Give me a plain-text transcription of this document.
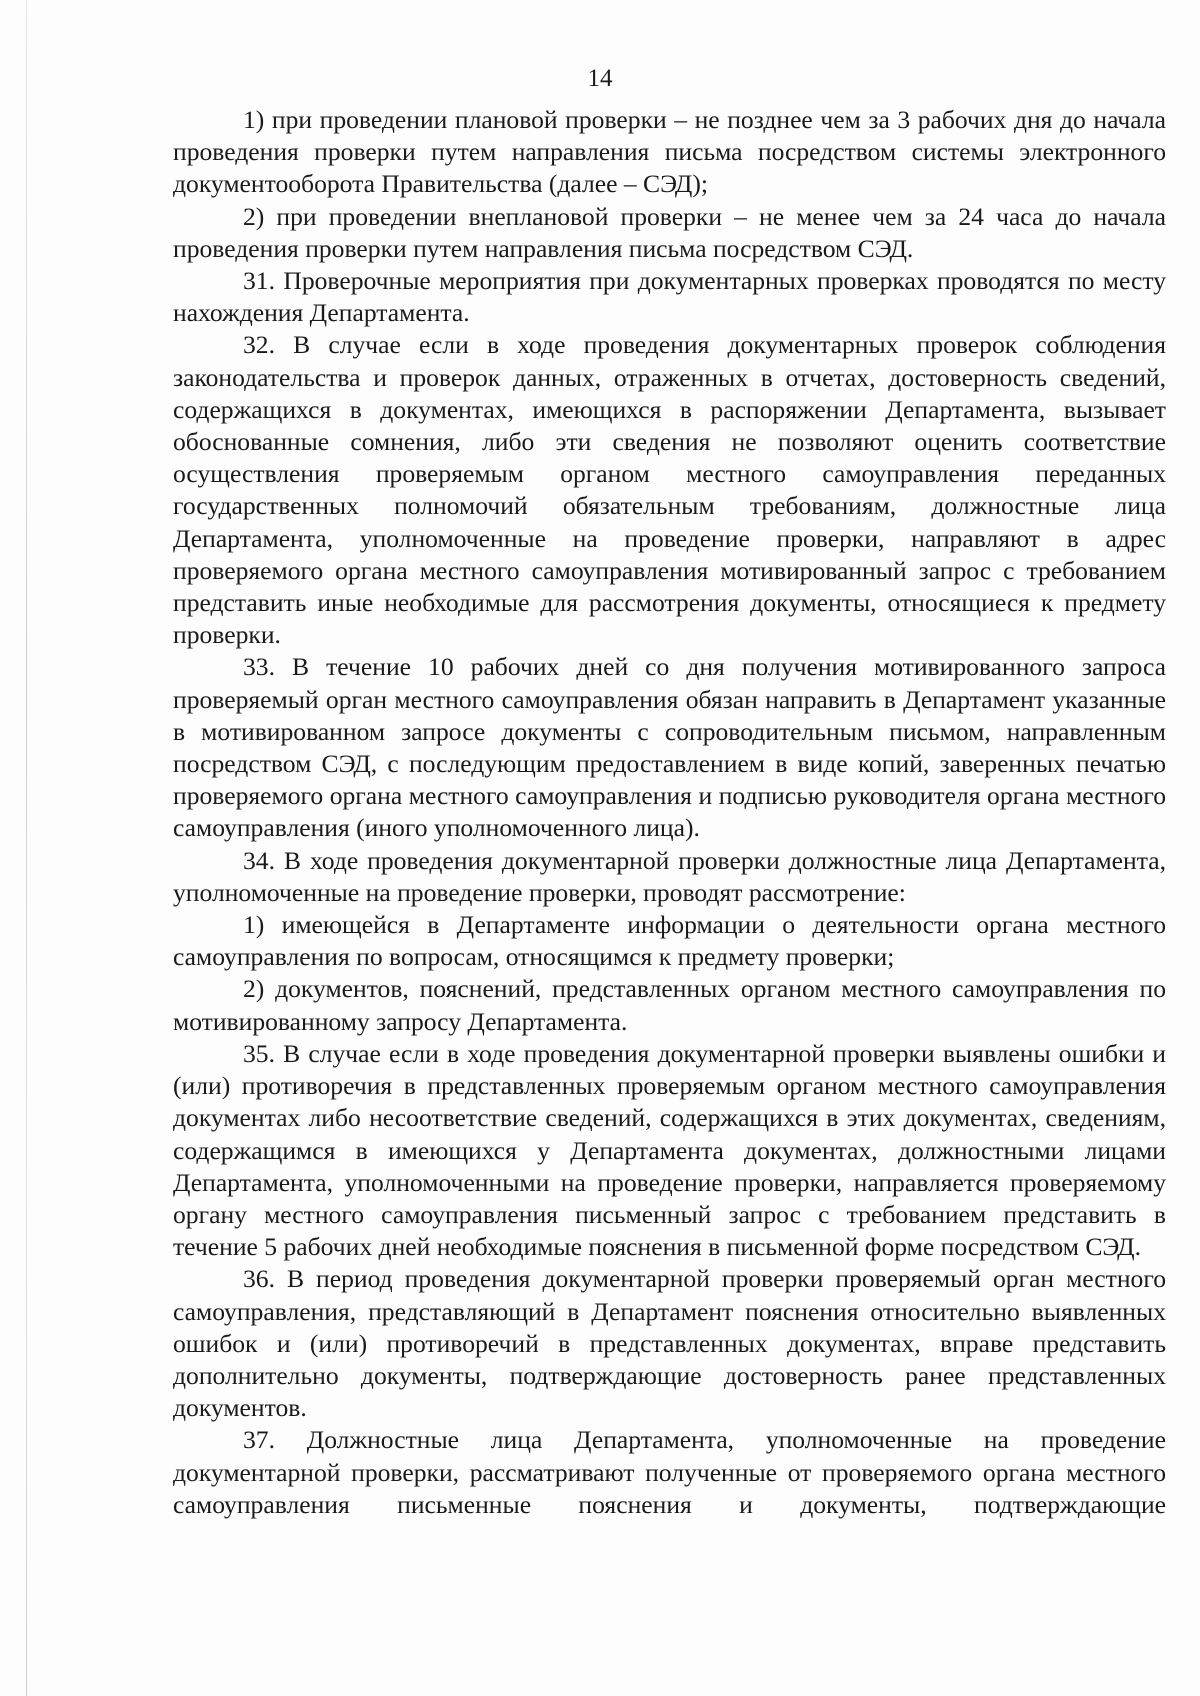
14

1) при проведении плановой проверки – не позднее чем за 3 рабочих дня до начала проведения проверки путем направления письма посредством системы электронного документооборота Правительства (далее – СЭД);

2) при проведении внеплановой проверки – не менее чем за 24 часа до начала проведения проверки путем направления письма посредством СЭД.

31. Проверочные мероприятия при документарных проверках проводятся по месту нахождения Департамента.

32. В случае если в ходе проведения документарных проверок соблюдения законодательства и проверок данных, отраженных в отчетах, достоверность сведений, содержащихся в документах, имеющихся в распоряжении Департамента, вызывает обоснованные сомнения, либо эти сведения не позволяют оценить соответствие осуществления проверяемым органом местного самоуправления переданных государственных полномочий обязательным требованиям, должностные лица Департамента, уполномоченные на проведение проверки, направляют в адрес проверяемого органа местного самоуправления мотивированный запрос с требованием представить иные необходимые для рассмотрения документы, относящиеся к предмету проверки.

33. В течение 10 рабочих дней со дня получения мотивированного запроса проверяемый орган местного самоуправления обязан направить в Департамент указанные в мотивированном запросе документы с сопроводительным письмом, направленным посредством СЭД, с последующим предоставлением в виде копий, заверенных печатью проверяемого органа местного самоуправления и подписью руководителя органа местного самоуправления (иного уполномоченного лица).

34. В ходе проведения документарной проверки должностные лица Департамента, уполномоченные на проведение проверки, проводят рассмотрение:

1) имеющейся в Департаменте информации о деятельности органа местного самоуправления по вопросам, относящимся к предмету проверки;

2) документов, пояснений, представленных органом местного самоуправления по мотивированному запросу Департамента.

35. В случае если в ходе проведения документарной проверки выявлены ошибки и (или) противоречия в представленных проверяемым органом местного самоуправления документах либо несоответствие сведений, содержащихся в этих документах, сведениям, содержащимся в имеющихся у Департамента документах, должностными лицами Департамента, уполномоченными на проведение проверки, направляется проверяемому органу местного самоуправления письменный запрос с требованием представить в течение 5 рабочих дней необходимые пояснения в письменной форме посредством СЭД.

36. В период проведения документарной проверки проверяемый орган местного самоуправления, представляющий в Департамент пояснения относительно выявленных ошибок и (или) противоречий в представленных документах, вправе представить дополнительно документы, подтверждающие достоверность ранее представленных документов.

37. Должностные лица Департамента, уполномоченные на проведение документарной проверки, рассматривают полученные от проверяемого органа местного самоуправления письменные пояснения и документы, подтверждающие
